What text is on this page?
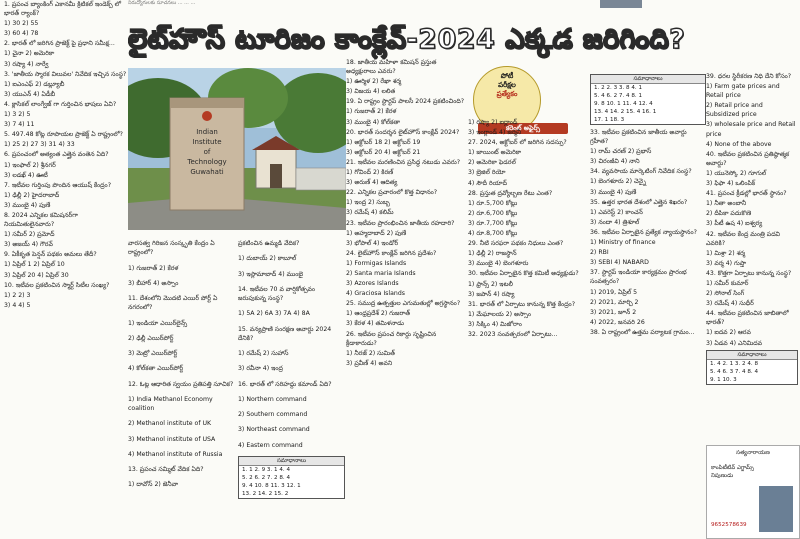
నిరుద్యోగులకు సూచనలు ... ... ...

1. ప్రపంచ బ్యాంకింగ్ ఎకానమీ క్రిటికల్ ఇండెక్స్ లో భారత్ ర్యాంక్?

1) 30 2) 55

3) 60 4) 78

2. భారత్ లో జరిగిన ప్రాజెక్ట్ పై ప్రధాని సమీక్ష...

1) చైనా 2) అమెరికా

3) రష్యా 4) నార్వే

3. 'జాతీయ స్మారక విలువల' నివేదిక ఇచ్చిన సంస్థ?

1) ఐఎంఎఫ్ 2) డబ్ల్యూబీ

3) యుఎన్ 4) ఏడీబీ

4. క్లాసికల్ లాంగ్వేజ్ గా గుర్తించిన భాషలు ఏవి?

1) 3 2) 5

3) 7 4) 11

5. 497.48 కోట్ల రూపాయల ప్రాజెక్ట్ ఏ రాష్ట్రంలో?

1) 25 2) 27 3) 31 4) 33

6. ప్రపంచంలో అత్యంత ఎత్తైన వంతెన ఏది?

1) ఇంఫాల్ 2) శ్రీనగర్

3) లడఖ్ 4) ఊటీ

7. ఇటీవల గుర్తింపు పొందిన ఆయుష్ కేంద్రం?

1) ఢిల్లీ 2) హైదరాబాద్

3) ముంబై 4) పుణే

8. 2024 ఎన్నికల కమిషనర్‌గా నియమితులైనవారు?

1) సమీర్ 2) ప్రమోద్

3) అజయ్ 4) గౌరవ్

9. ఏకీకృత పెన్షన్ పథకం అమలు తేదీ?

1) ఏప్రిల్ 1 2) ఏప్రిల్ 10

3) ఏప్రిల్ 20 4) ఏప్రిల్ 30

10. ఇటీవల ప్రకటించిన స్మార్ట్ సిటీల సంఖ్య?

1) 2 2) 3

3) 4 4) 5

లైట్‌హౌస్ టూరిజం కాంక్లేవ్-2024 ఎక్కడ జరిగింది?
Indian
Institute
of
Technology
Guwahati

వారసత్వ గిరిజన సంస్కృతి కేంద్రం ఏ రాష్ట్రంలో?

1) గుజరాత్ 2) కేరళ

3) బీహార్ 4) అస్సాం

11. దేశంలోని మొదటి ఎయిర్ పోర్ట్ ఏ నగరంలో?

1) ఇండియా ఎయిర్‌లైన్స్

2) ఢిల్లీ ఎయిర్‌పోర్ట్

3) మెట్రో ఎయిర్‌పోర్ట్

4) కోల్‌కతా ఎయిర్‌పోర్ట్

12. ఓట్ల ఆధారిత స్వయం ప్రతిపత్తి సూచిక?

1) India Methanol Economy coalition

2) Methanol institute of UK

3) Methanol institute of USA

4) Methanol institute of Russia

13. ప్రపంచ సమ్మిట్ వేదిక ఏది?

1) దావోస్ 2) జెనీవా

ప్రకటించిన ఉమ్మడి వేదిక?

1) దుబాయ్ 2) కాబూల్

3) ఇస్లామాబాద్ 4) ముంబై

14. ఇటీవల 70 వ వార్షికోత్సవం జరుపుకున్న సంస్థ?

1) 5A 2) 6A 3) 7A 4) 8A

15. వన్యప్రాణి సంరక్షణ అవార్డు 2024 దేనికి?

1) రమేష్ 2) సుహాస్

3) రవీనా 4) ఇంద్ర

16. భారత్ లో సరిహద్దు కమాండ్ ఏది?

1) Northern command

2) Southern command

3) Northeast command

4) Eastern command

సమాధానాలు
1. 1 2. 9 3. 1 4. 4
5. 2 6. 2 7. 2 8. 4
9. 4 10. 8 11. 3 12. 1
13. 2 14. 2 15. 2

18. జాతీయ మహిళా కమిషన్ ప్రస్తుత అధ్యక్షురాలు ఎవరు?

1) ఊర్మిళ 2) రేఖా శర్మ

3) విజయ 4) లలిత

19. ఏ రాష్ట్రం స్టార్టప్ పాలసీ 2024 ప్రకటించింది?

1) గుజరాత్ 2) కేరళ

3) ముంబై 4) కోల్‌కతా

20. భారత్ సందర్శన లైట్‌హౌస్ కాంక్లేవ్ 2024?

1) అక్టోబర్ 18 2) అక్టోబర్ 19

3) అక్టోబర్ 20 4) అక్టోబర్ 21

21. ఇటీవల మరణించిన ప్రసిద్ధ నటుడు ఎవరు?

1) గోవింద్ 2) కిరణ్

3) అరుణ్ 4) ఆదిత్య

22. ఎన్నికల ప్రచారంలో కొత్త విధానం?

1) ఇంద్ర 2) సుబ్బ

3) రమేష్ 4) కలిమ్

23. ఇటీవల ప్రారంభించిన జాతీయ రహదారి?

1) అహ్మదాబాద్ 2) పుణే

3) భోపాల్ 4) ఇండోర్

24. లైట్‌హౌస్ కాంక్లేవ్ జరిగిన ప్రదేశం?

1) Formigas Islands

2) Santa maria Islands

3) Azores Islands

4) Graciosa Islands

25. సముద్ర ఉత్పత్తుల ఎగుమతుల్లో అగ్రస్థానం?

1) ఆంధ్రప్రదేశ్ 2) గుజరాత్

3) కేరళ 4) తమిళనాడు

26. ఇటీవల ప్రపంచ రికార్డు సృష్టించిన క్రీడాకారుడు?

1) నీరజ్ 2) సుమిత్

3) ప్రవీణ్ 4) అవని

పోటీ
పరీక్షల
ప్రత్యేకం
కరెంట్ అఫైర్స్

1) రష్యా 2) ఐర్లాండ్

3) ఇంగ్లాండ్ 4) జర్మనీ

27. 2024, అక్టోబర్ లో జరిగిన సదస్సు?

1) జాయింట్ అమెరికా

2) అమెరికా ఫెడరల్

3) బ్రెజిల్ రియో

4) సౌదీ రియాద్

28. ప్రస్తుత ద్రవ్యోల్బణ రేటు ఎంత?

1) రూ.5,700 కోట్లు

2) రూ.6,700 కోట్లు

3) రూ.7,700 కోట్లు

4) రూ.8,700 కోట్లు

29. నీటి సరఫరా పథకం నిధులు ఎంత?

1) ఢిల్లీ 2) రాజస్థాన్

3) ముంబై 4) బెంగళూరు

30. ఇటీవల ఏర్పాటైన కొత్త కమిటీ అధ్యక్షుడు?

1) ఫ్రాన్స్ 2) ఇటలీ

3) జపాన్ 4) రష్యా

31. భారత్ లో ఏర్పాటు కానున్న కొత్త కేంద్రం?

1) మేఘాలయ 2) అస్సాం

3) సిక్కిం 4) మిజోరాం

32. 2023 సంవత్సరంలో ఏర్పాటు...

సమాధానాలు
1. 2 2. 3 3. 8 4. 1
5. 4 6. 2 7. 4 8. 1
9. 8 10. 1 11. 4 12. 4
13. 4 14. 2 15. 4 16. 1
17. 1 18. 3

33. ఇటీవల ప్రకటించిన జాతీయ అవార్డు గ్రహీత?

1) రామ్ చరణ్ 2) ప్రభాస్

3) చిరంజీవి 4) నాని

34. వ్యవసాయ మార్కెటింగ్ నివేదిక సంస్థ?

1) బెంగళూరు 2) చెన్నై

3) ముంబై 4) పుణే

35. ఉత్తర భారత దేశంలో ఎత్తైన శిఖరం?

1) ఎవరెస్ట్ 2) కాంచన్

3) నందా 4) త్రిశూల్

36. ఇటీవల ఏర్పాటైన ప్రత్యేక న్యాయస్థానం?

1) Ministry of finance

2) RBI

3) SEBI 4) NABARD

37. స్టార్టప్ ఇండియా కార్యక్రమం ప్రారంభ సంవత్సరం?

1) 2019, ఏప్రిల్ 5

2) 2021, మార్చి 2

3) 2021, జూన్ 2

4) 2022, జనవరి 26

38. ఏ రాష్ట్రంలో ఉత్తమ పర్యాటక గ్రామం...

39. ధరల స్థిరీకరణ నిధి దేని కోసం?

1) Farm gate prices and Retail price

2) Retail price and Subsidized price

3) wholesale price and Retail price

4) None of the above

40. ఇటీవల ప్రకటించిన ప్రతిష్ఠాత్మక అవార్డు?

1) యునెస్కో 2) గూగుల్

3) ఫిఫా 4) ఒలింపిక్

41. ప్రపంచ క్రీడల్లో భారత్ స్థానం?

1) నీతా అంబానీ

2) దీపికా పదుకొణె

3) పీటీ ఉష 4) ఐశ్వర్య

42. ఇటీవల కేంద్ర మంత్రి పదవి ఎవరికి?

1) మిశ్రా 2) శర్మ

3) వర్మ 4) గుప్తా

43. కొత్తగా ఏర్పాటు కానున్న సంస్థ?

1) సమీర్ కుమార్

2) సోనాల్ సింగ్

3) రమేష్ 4) సుధీర్

44. ఇటీవల ప్రకటించిన జాబితాలో భారత్?

1) ఐదవ 2) ఆరవ

3) ఏడవ 4) ఎనిమిదవ

సమాధానాలు
1. 4 2. 1 3. 2 4. 8
5. 4 6. 3 7. 4 8. 4
9. 1 10. 3
సత్యనారాయణ
కాంపిటీటివ్ ఎగ్జామ్స్
నిపుణుడు
9652578639
